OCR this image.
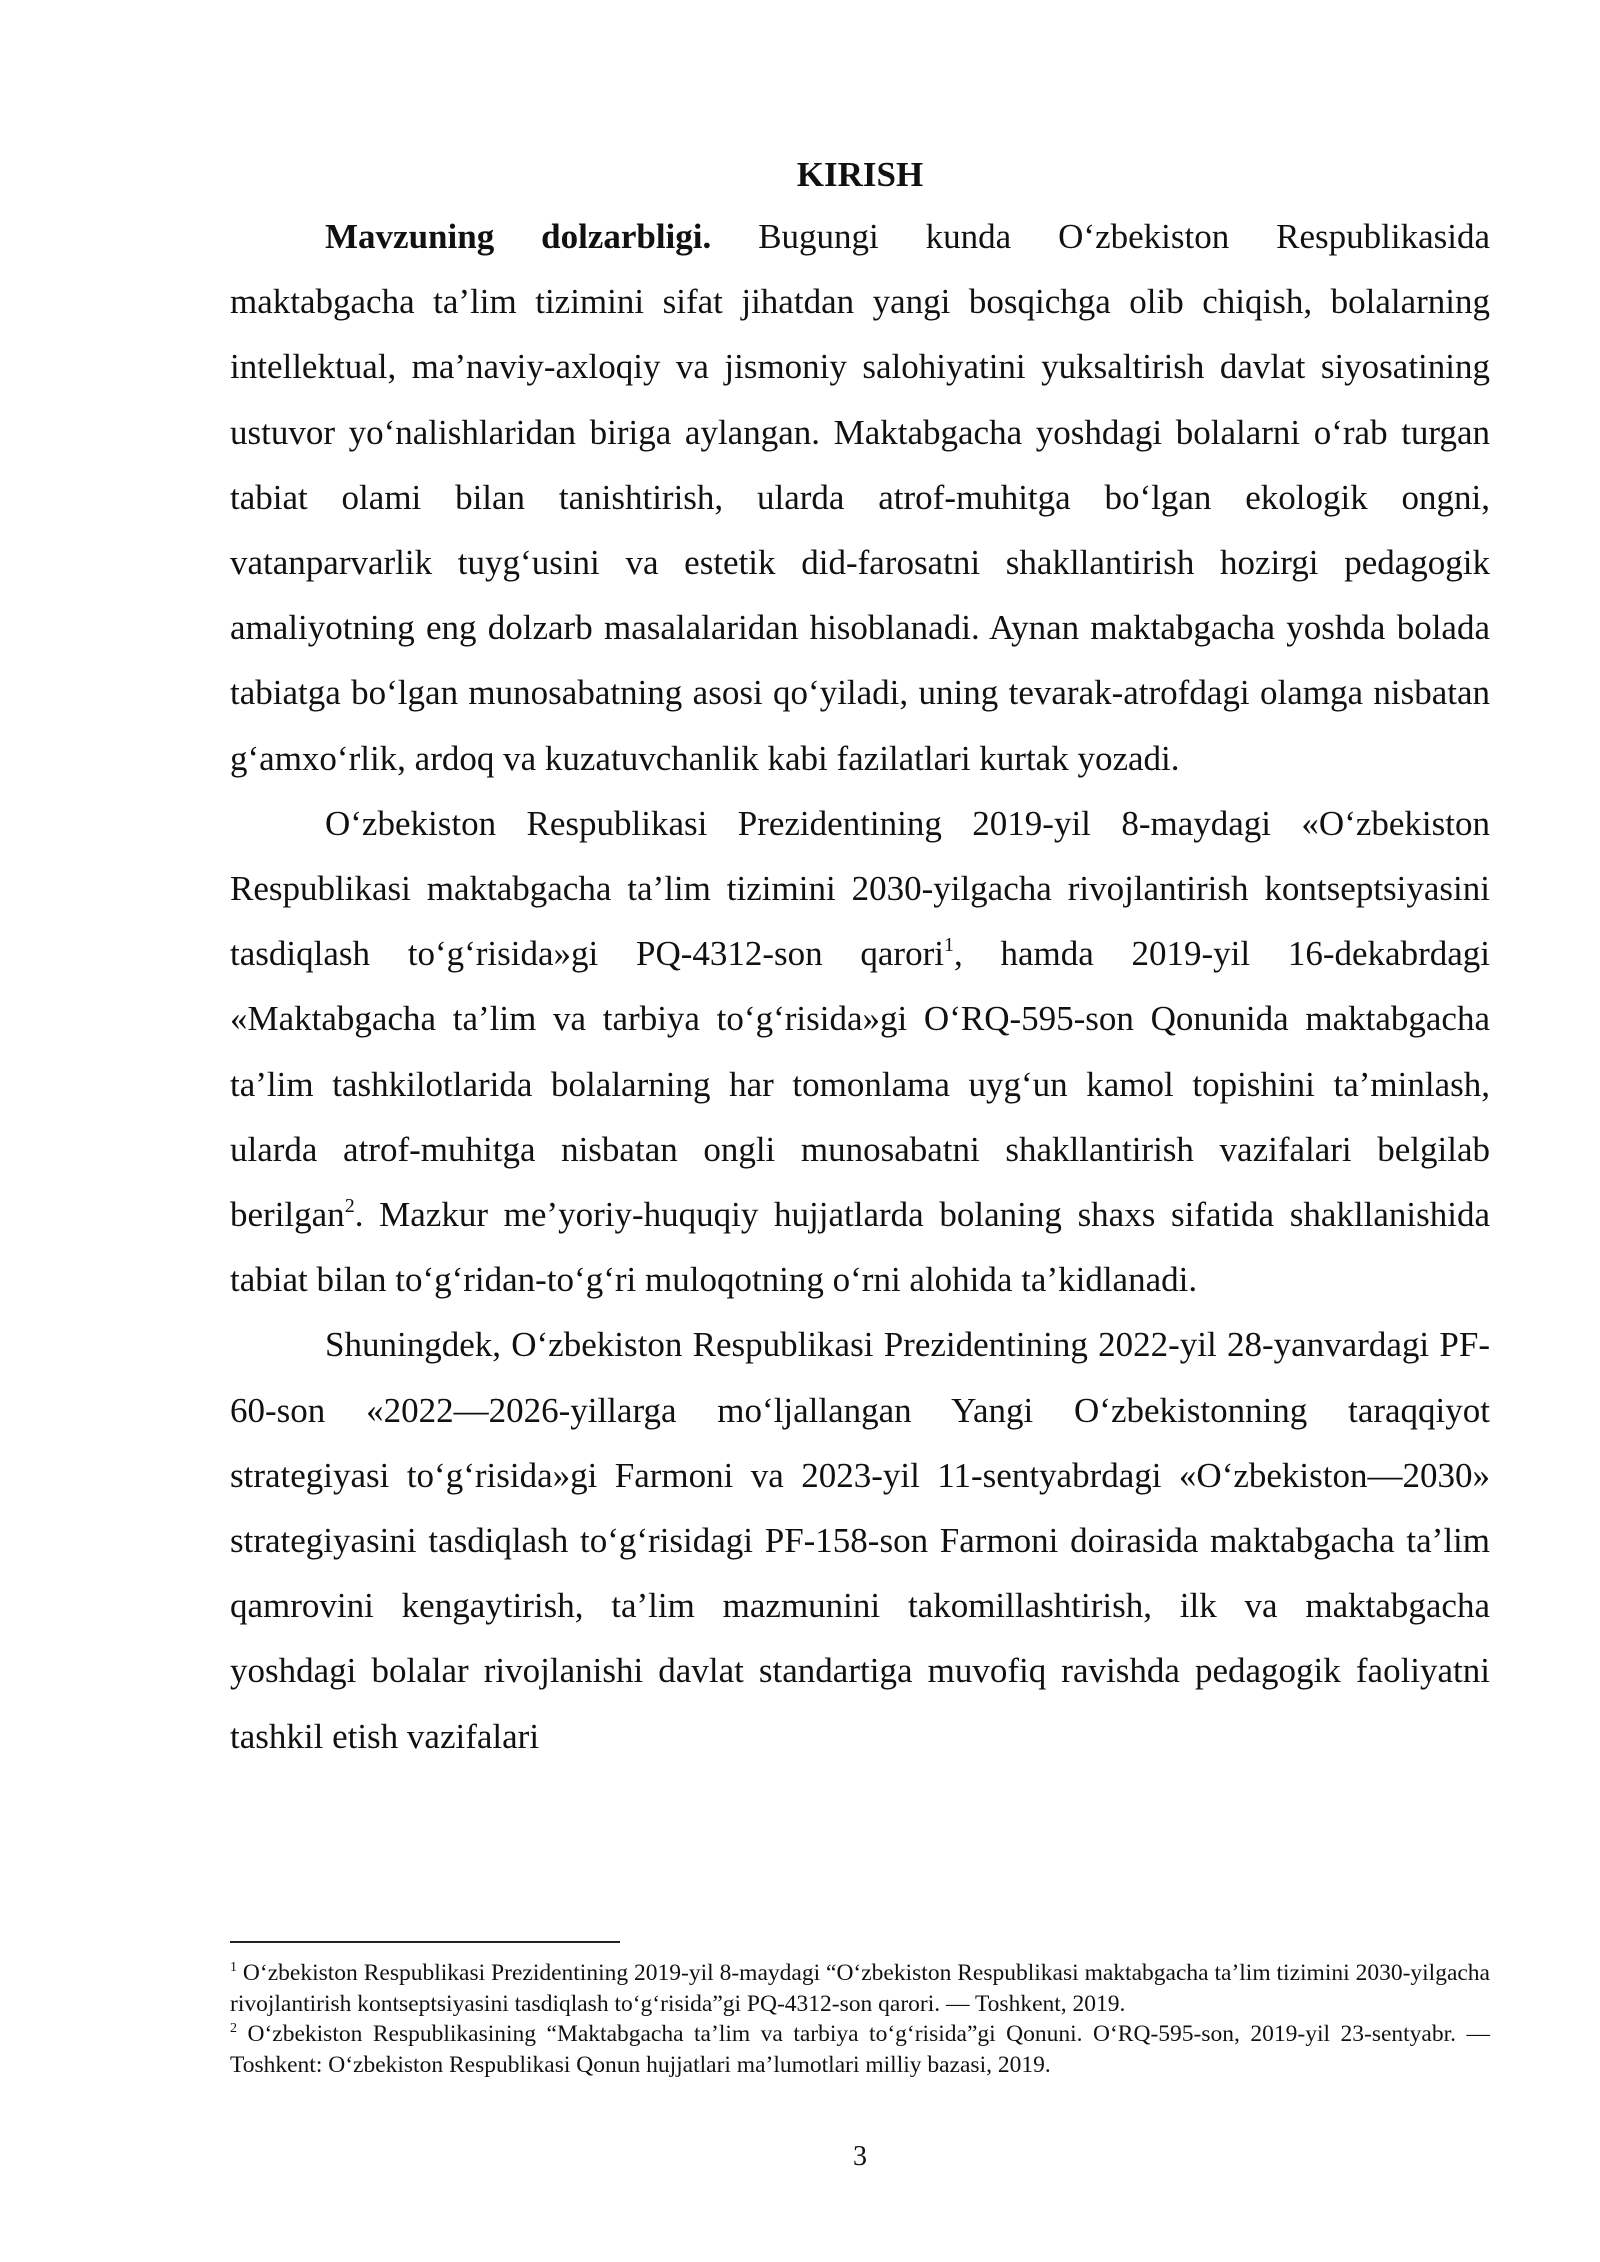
KIRISH

Mavzuning dolzarbligi. Bugungi kunda O‘zbekiston Respublikasida maktabgacha ta’lim tizimini sifat jihatdan yangi bosqichga olib chiqish, bolalarning intellektual, ma’naviy-axloqiy va jismoniy salohiyatini yuksaltirish davlat siyosatining ustuvor yo‘nalishlaridan biriga aylangan. Maktabgacha yoshdagi bolalarni o‘rab turgan tabiat olami bilan tanishtirish, ularda atrof-muhitga bo‘lgan ekologik ongni, vatanparvarlik tuyg‘usini va estetik did-farosatni shakllantirish hozirgi pedagogik amaliyotning eng dolzarb masalalaridan hisoblanadi. Aynan maktabgacha yoshda bolada tabiatga bo‘lgan munosabatning asosi qo‘yiladi, uning tevarak-atrofdagi olamga nisbatan g‘amxo‘rlik, ardoq va kuzatuvchanlik kabi fazilatlari kurtak yozadi.

O‘zbekiston Respublikasi Prezidentining 2019-yil 8-maydagi «O‘zbekiston Respublikasi maktabgacha ta’lim tizimini 2030-yilgacha rivojlantirish kontseptsiyasini tasdiqlash to‘g‘risida»gi PQ-4312-son qarori$^1$, hamda 2019-yil 16-dekabrdagi «Maktabgacha ta’lim va tarbiya to‘g‘risida»gi O‘RQ-595-son Qonunida maktabgacha ta’lim tashkilotlarida bolalarning har tomonlama uyg‘un kamol topishini ta’minlash, ularda atrof-muhitga nisbatan ongli munosabatni shakllantirish vazifalari belgilab berilgan$^2$. Mazkur me’yoriy-huquqiy hujjatlarda bolaning shaxs sifatida shakllanishida tabiat bilan to‘g‘ridan-to‘g‘ri muloqotning o‘rni alohida ta’kidlanadi.

Shuningdek, O‘zbekiston Respublikasi Prezidentining 2022-yil 28-yanvardagi PF-60-son «2022—2026-yillarga mo‘ljallangan Yangi O‘zbekistonning taraqqiyot strategiyasi to‘g‘risida»gi Farmoni va 2023-yil 11-sentyabrdagi «O‘zbekiston—2030» strategiyasini tasdiqlash to‘g‘risidagi PF-158-son Farmoni doirasida maktabgacha ta’lim qamrovini kengaytirish, ta’lim mazmunini takomillashtirish, ilk va maktabgacha yoshdagi bolalar rivojlanishi davlat standartiga muvofiq ravishda pedagogik faoliyatni tashkil etish vazifalari

$^1$ O‘zbekiston Respublikasi Prezidentining 2019-yil 8-maydagi “O‘zbekiston Respublikasi maktabgacha ta’lim tizimini 2030-yilgacha rivojlantirish kontseptsiyasini tasdiqlash to‘g‘risida”gi PQ-4312-son qarori. — Toshkent, 2019.

$^2$ O‘zbekiston Respublikasining “Maktabgacha ta’lim va tarbiya to‘g‘risida”gi Qonuni. O‘RQ-595-son, 2019-yil 23-sentyabr. — Toshkent: O‘zbekiston Respublikasi Qonun hujjatlari ma’lumotlari milliy bazasi, 2019.

3
